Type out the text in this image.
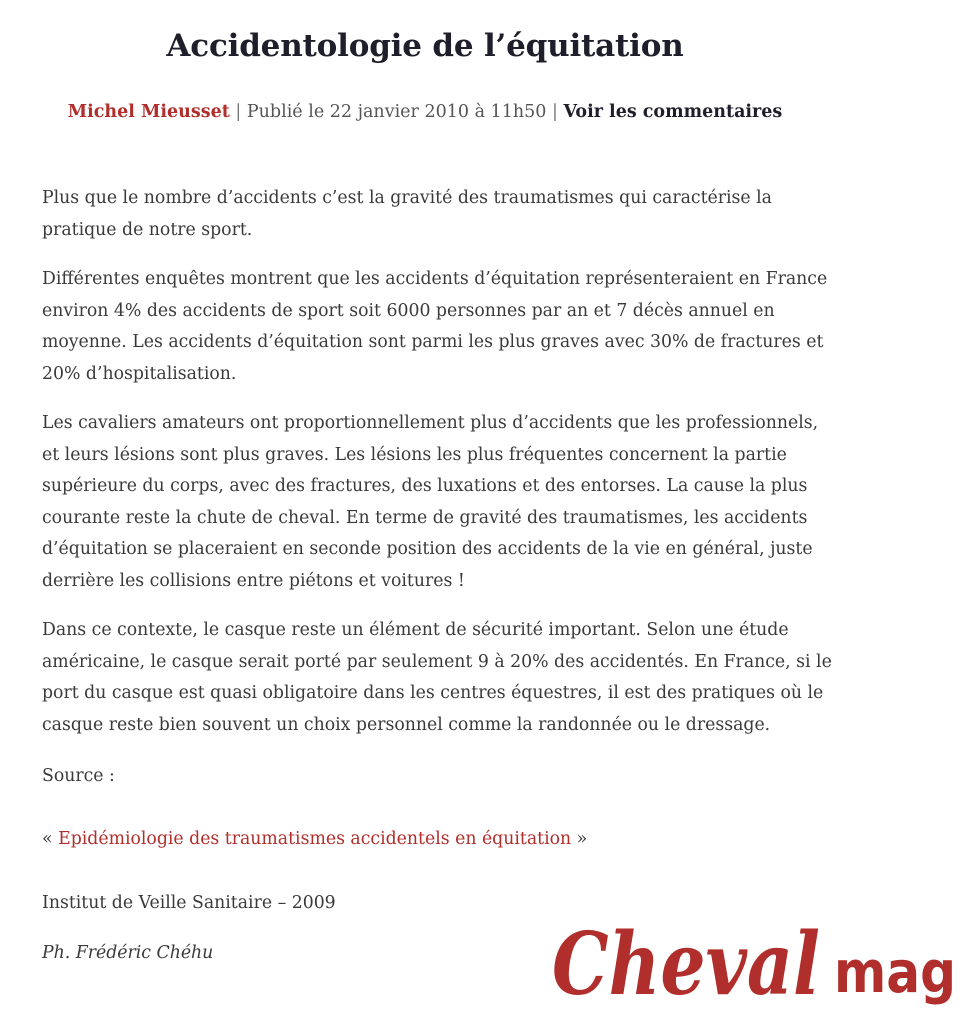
Accidentologie de l’équitation
Michel Mieusset | Publié le 22 janvier 2010 à 11h50 | Voir les commentaires

Plus que le nombre d’accidents c’est la gravité des traumatismes qui caractérise la pratique de notre sport.

Différentes enquêtes montrent que les accidents d’équitation représenteraient en France environ 4% des accidents de sport soit 6000 personnes par an et 7 décès annuel en moyenne. Les accidents d’équitation sont parmi les plus graves avec 30% de fractures et 20% d’hospitalisation.

Les cavaliers amateurs ont proportionnellement plus d’accidents que les professionnels, et leurs lésions sont plus graves. Les lésions les plus fréquentes concernent la partie supérieure du corps, avec des fractures, des luxations et des entorses. La cause la plus courante reste la chute de cheval. En terme de gravité des traumatismes, les accidents d’équitation se placeraient en seconde position des accidents de la vie en général, juste derrière les collisions entre piétons et voitures !

Dans ce contexte, le casque reste un élément de sécurité important. Selon une étude américaine, le casque serait porté par seulement 9 à 20% des accidentés. En France, si le port du casque est quasi obligatoire dans les centres équestres, il est des pratiques où le casque reste bien souvent un choix personnel comme la randonnée ou le dressage.

Source :
« Epidémiologie des traumatismes accidentels en équitation »
Institut de Veille Sanitaire – 2009
Ph. Frédéric Chéhu	Cheval mag
